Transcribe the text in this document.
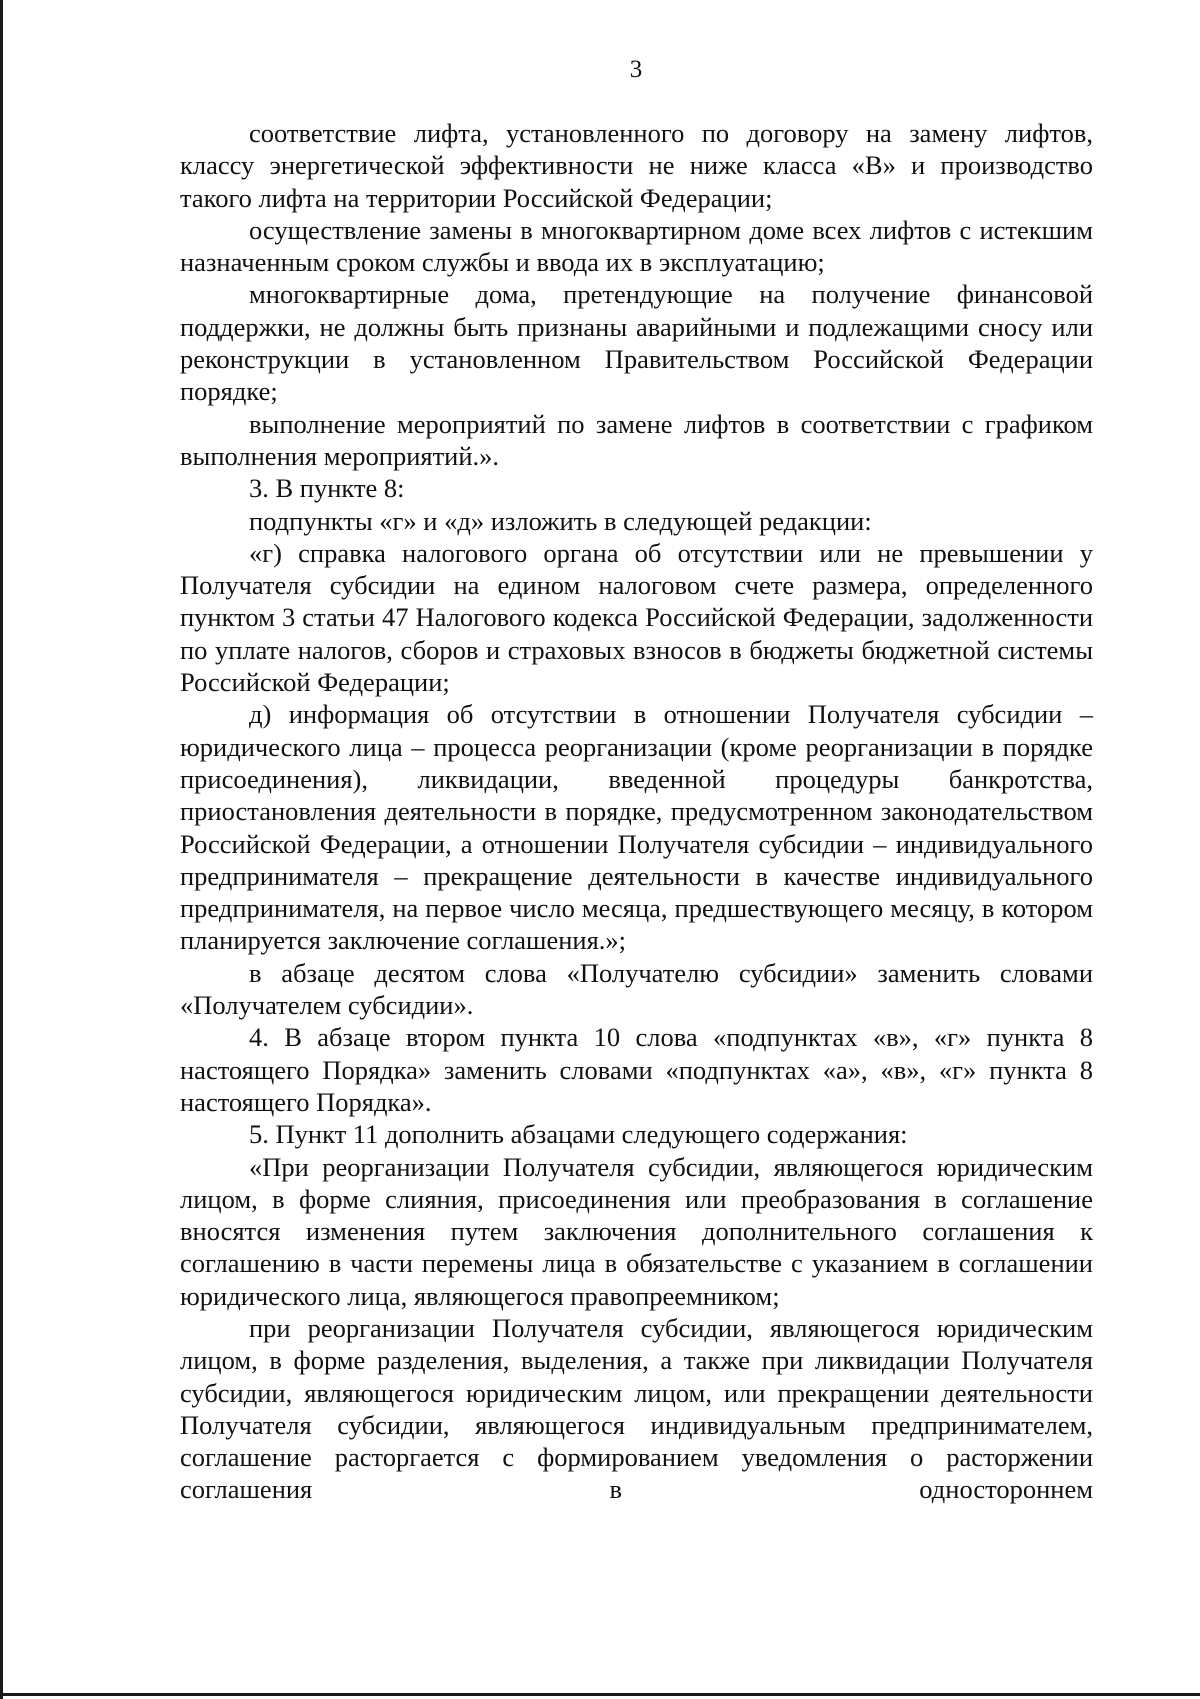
3

соответствие лифта, установленного по договору на замену лифтов, классу энергетической эффективности не ниже класса «В» и производство такого лифта на территории Российской Федерации;

осуществление замены в многоквартирном доме всех лифтов с истекшим назначенным сроком службы и ввода их в эксплуатацию;

многоквартирные дома, претендующие на получение финансовой поддержки, не должны быть признаны аварийными и подлежащими сносу или реконструкции в установленном Правительством Российской Федерации порядке;

выполнение мероприятий по замене лифтов в соответствии с графиком выполнения мероприятий.».

3. В пункте 8:

подпункты «г» и «д» изложить в следующей редакции:

«г) справка налогового органа об отсутствии или не превышении у Получателя субсидии на едином налоговом счете размера, определенного пунктом 3 статьи 47 Налогового кодекса Российской Федерации, задолженности по уплате налогов, сборов и страховых взносов в бюджеты бюджетной системы Российской Федерации;

д) информация об отсутствии в отношении Получателя субсидии – юридического лица – процесса реорганизации (кроме реорганизации в порядке присоединения), ликвидации, введенной процедуры банкротства, приостановления деятельности в порядке, предусмотренном законодательством Российской Федерации, а отношении Получателя субсидии – индивидуального предпринимателя – прекращение деятельности в качестве индивидуального предпринимателя, на первое число месяца, предшествующего месяцу, в котором планируется заключение соглашения.»;

в абзаце десятом слова «Получателю субсидии» заменить словами «Получателем субсидии».

4. В абзаце втором пункта 10 слова «подпунктах «в», «г» пункта 8 настоящего Порядка» заменить словами «подпунктах «а», «в», «г» пункта 8 настоящего Порядка».

5. Пункт 11 дополнить абзацами следующего содержания:

«При реорганизации Получателя субсидии, являющегося юридическим лицом, в форме слияния, присоединения или преобразования в соглашение вносятся изменения путем заключения дополнительного соглашения к соглашению в части перемены лица в обязательстве с указанием в соглашении юридического лица, являющегося правопреемником;

при реорганизации Получателя субсидии, являющегося юридическим лицом, в форме разделения, выделения, а также при ликвидации Получателя субсидии, являющегося юридическим лицом, или прекращении деятельности Получателя субсидии, являющегося индивидуальным предпринимателем, соглашение расторгается с формированием уведомления о расторжении соглашения в одностороннем
